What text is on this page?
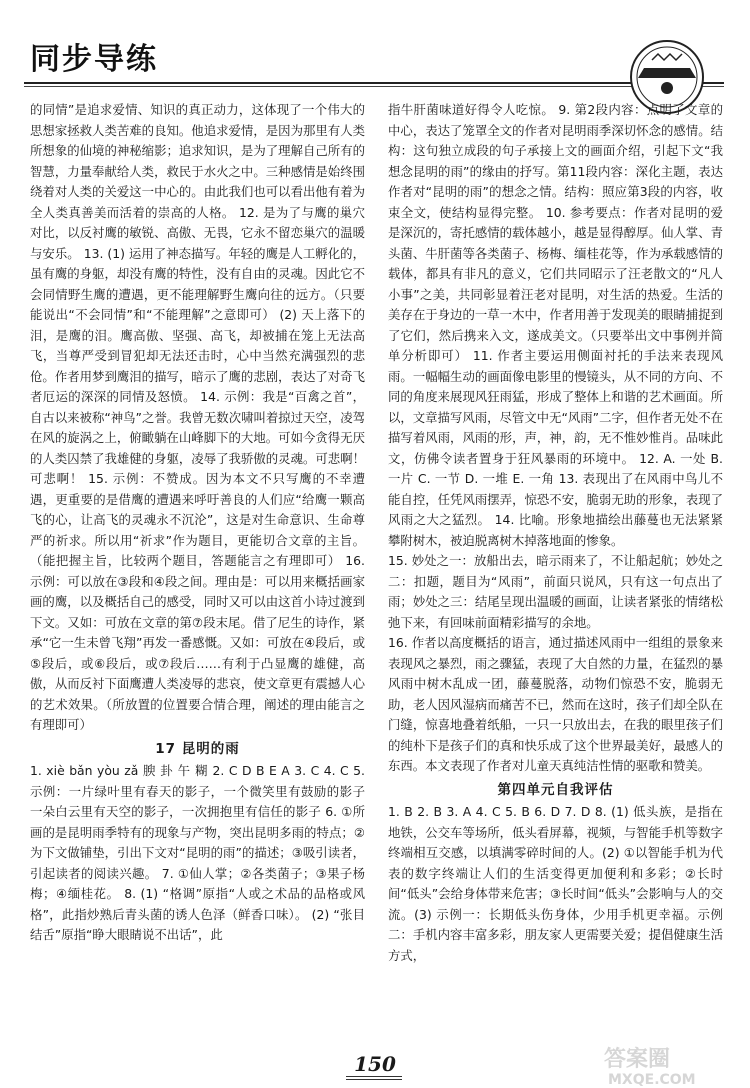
同步导练

的同情”是追求爱情、知识的真正动力，这体现了一个伟大的思想家拯救人类苦难的良知。他追求爱情，是因为那里有人类所想象的仙境的神秘缩影；追求知识，是为了理解自己所有的智慧，力量奉献给人类，救民于水火之中。三种感情是始终围绕着对人类的关爱这一中心的。由此我们也可以看出他有着为全人类真善美而活着的崇高的人格。 12. 是为了与鹰的巢穴对比，以反衬鹰的敏锐、高傲、无畏，它永不留恋巢穴的温暖与安乐。 13. (1) 运用了神态描写。年轻的鹰是人工孵化的，虽有鹰的身躯，却没有鹰的特性，没有自由的灵魂。因此它不会同情野生鹰的遭遇，更不能理解野生鹰向往的远方。（只要能说出“不会同情”和“不能理解”之意即可） (2) 天上落下的泪，是鹰的泪。鹰高傲、坚强、高飞，却被捕在笼上无法高飞，当尊严受到冒犯却无法还击时，心中当然充满强烈的悲伧。作者用梦到鹰泪的描写，暗示了鹰的悲剧，表达了对奇飞者厄运的深深的同情及怒愤。 14. 示例：我是“百禽之首”，自古以来被称“神鸟”之誉。我曾无数次啸叫着掠过天空，凌驾在风的旋涡之上，俯瞰躺在山峰脚下的大地。可如今贪得无厌的人类囚禁了我雄健的身躯，凌辱了我骄傲的灵魂。可悲啊！可悲啊！ 15. 示例：不赞成。因为本文不只写鹰的不幸遭遇，更重要的是借鹰的遭遇来呼吁善良的人们应“给鹰一颗高飞的心，让高飞的灵魂永不沉沦”，这是对生命意识、生命尊严的祈求。所以用“祈求”作为题目，更能切合文章的主旨。（能把握主旨，比较两个题目，答题能言之有理即可） 16. 示例：可以放在③段和④段之间。理由是：可以用来概括画家画的鹰，以及概括自己的感受，同时又可以由这首小诗过渡到下文。又如：可放在文章的第⑦段末尾。借了尼生的诗作，紧承“它一生未曾飞翔”再发一番感慨。又如：可放在④段后，或⑤段后，或⑥段后，或⑦段后……有利于凸显鹰的雄健，高傲，从而反衬下面鹰遭人类凌辱的悲哀，使文章更有震撼人心的艺术效果。（所放置的位置要合情合理，阐述的理由能言之有理即可）

17 昆明的雨

1. xiè bǎn yòu zǎ 腴 卦 午 糊 2. C D B E A 3. C 4. C 5. 示例：一片绿叶里有春天的影子，一个微笑里有鼓励的影子 一朵白云里有天空的影子，一次拥抱里有信任的影子 6. ①所画的是昆明雨季特有的现象与产物，突出昆明多雨的特点；②为下文做铺垫，引出下文对“昆明的雨”的描述；③吸引读者，引起读者的阅读兴趣。 7. ①仙人掌；②各类菌子；③果子杨梅；④缅桂花。 8. (1) “格调”原指“人或之术品的品格或风格”，此指炒熟后青头菌的诱人色泽（鲜香口味）。 (2) “张目结舌”原指“睁大眼睛说不出话”，此

指牛肝菌味道好得令人吃惊。 9. 第2段内容：点明了文章的中心，表达了笼罩全文的作者对昆明雨季深切怀念的感情。结构：这句独立成段的句子承接上文的画面介绍，引起下文“我想念昆明的雨”的缘由的抒写。第11段内容：深化主题，表达作者对“昆明的雨”的想念之情。结构：照应第3段的内容，收束全文，使结构显得完整。 10. 参考要点：作者对昆明的爱是深沉的，寄托感情的载体越小，越是显得醇厚。仙人掌、青头菌、牛肝菌等各类菌子、杨梅、缅桂花等，作为承载感情的载体，都具有非凡的意义，它们共同昭示了汪老散文的“凡人小事”之美，共同彰显着汪老对昆明，对生活的热爱。生活的美存在于身边的一草一木中，作者用善于发现美的眼睛捕捉到了它们，然后携来入文，遂成美文。（只要举出文中事例并简单分析即可） 11. 作者主要运用侧面衬托的手法来表现风雨。一幅幅生动的画面像电影里的慢镜头，从不同的方向、不同的角度来展现风狂雨猛，形成了整体上和谐的艺术画面。所以，文章描写风雨，尽管文中无“风雨”二字，但作者无处不在描写着风雨，风雨的形，声，神，韵，无不惟妙惟肖。品味此文，仿佛令读者置身于狂风暴雨的环境中。 12. A. 一处 B. 一片 C. 一节 D. 一堆 E. 一角 13. 表现出了在风雨中鸟儿不能自控，任凭风雨摆弄，惊恐不安，脆弱无助的形象，表现了风雨之大之猛烈。 14. 比喻。形象地描绘出藤蔓也无法紧紧攀附树木，被迫脱离树木掉落地面的惨象。

15. 妙处之一：放船出去，暗示雨来了，不让船起航；妙处之二：扣题，题目为“风雨”，前面只说风，只有这一句点出了雨；妙处之三：结尾呈现出温暖的画面，让读者紧张的情绪松弛下来，有回味前面精彩描写的余地。

16. 作者以高度概括的语言，通过描述风雨中一组组的景象来表现风之暴烈，雨之骤猛，表现了大自然的力量，在猛烈的暴风雨中树木乱成一团，藤蔓脱落，动物们惊恐不安，脆弱无助，老人因风湿病而痛苦不已，然而在这时，孩子们却全队在门缝，惊喜地叠着纸船，一只一只放出去，在我的眼里孩子们的纯朴下是孩子们的真和快乐成了这个世界最美好，最感人的东西。本文表现了作者对儿童天真纯洁性情的驱歌和赞美。

第四单元自我评估

1. B 2. B 3. A 4. C 5. B 6. D 7. D 8. (1) 低头族，是指在地铁，公交车等场所，低头看屏幕，视频，与智能手机等数字终端相互交感，以填满零碎时间的人。(2) ①以智能手机为代表的数字终端让人们的生活变得更加便利和多彩；②长时间“低头”会给身体带来危害；③长时间“低头”会影响与人的交流。(3) 示例一：长期低头伤身体，少用手机更幸福。示例二：手机内容丰富多彩，朋友家人更需要关爱；提倡健康生活方式，

150	答案圈
MXQE.COM
